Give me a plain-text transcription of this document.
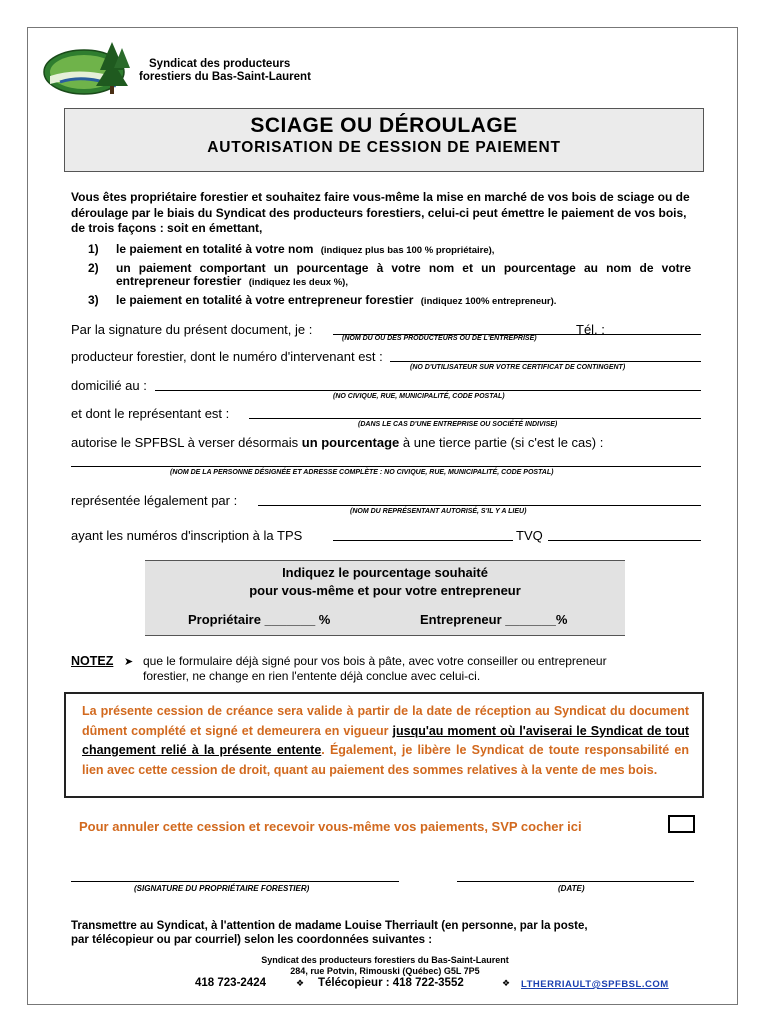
Syndicat des producteurs
forestiers du Bas-Saint-Laurent
SCIAGE OU DÉROULAGE
AUTORISATION DE CESSION DE PAIEMENT
Vous êtes propriétaire forestier et souhaitez faire vous-même la mise en marché de vos bois de sciage ou de déroulage par le biais du Syndicat des producteurs forestiers, celui-ci peut émettre le paiement de vos bois, de trois façons : soit en émettant,
1) le paiement en totalité à votre nom (indiquez plus bas 100 % propriétaire),
2) un paiement comportant un pourcentage à votre nom et un pourcentage au nom de votre entrepreneur forestier (indiquez les deux %),
3) le paiement en totalité à votre entrepreneur forestier (indiquez 100% entrepreneur).
Par la signature du présent document, je :	Tél. :
(NOM DU OU DES PRODUCTEURS OU DE L'ENTREPRISE)
producteur forestier, dont le numéro d'intervenant est :
(NO D'UTILISATEUR SUR VOTRE CERTIFICAT DE CONTINGENT)
domicilié au :
(NO CIVIQUE, RUE, MUNICIPALITÉ, CODE POSTAL)
et dont le représentant est :
(DANS LE CAS D'UNE ENTREPRISE OU SOCIÉTÉ INDIVISE)
autorise le SPFBSL à verser désormais un pourcentage à une tierce partie (si c'est le cas) :
(NOM DE LA PERSONNE DÉSIGNÉE ET ADRESSE COMPLÈTE : NO CIVIQUE, RUE, MUNICIPALITÉ, CODE POSTAL)
représentée légalement par :
(NOM DU REPRÉSENTANT AUTORISÉ, S'IL Y A LIEU)
ayant les numéros d'inscription à la TPS	TVQ
Indiquez le pourcentage souhaité
pour vous-même et pour votre entrepreneur
Propriétaire _______ %	Entrepreneur _______%
NOTEZ ➤ que le formulaire déjà signé pour vos bois à pâte, avec votre conseiller ou entrepreneur
forestier, ne change en rien l'entente déjà conclue avec celui-ci.
La présente cession de créance sera valide à partir de la date de réception au Syndicat du document dûment complété et signé et demeurera en vigueur jusqu'au moment où l'aviserai le Syndicat de tout changement relié à la présente entente. Également, je libère le Syndicat de toute responsabilité en lien avec cette cession de droit, quant au paiement des sommes relatives à la vente de mes bois.
Pour annuler cette cession et recevoir vous-même vos paiements, SVP cocher ici
(SIGNATURE DU PROPRIÉTAIRE FORESTIER)	(DATE)
Transmettre au Syndicat, à l'attention de madame Louise Therriault (en personne, par la poste,
par télécopieur ou par courriel) selon les coordonnées suivantes :
Syndicat des producteurs forestiers du Bas-Saint-Laurent
284, rue Potvin, Rimouski (Québec) G5L 7P5
418 723-2424	❖ Télécopieur : 418 722-3552	❖ LTHERRIAULT@SPFBSL.COM
